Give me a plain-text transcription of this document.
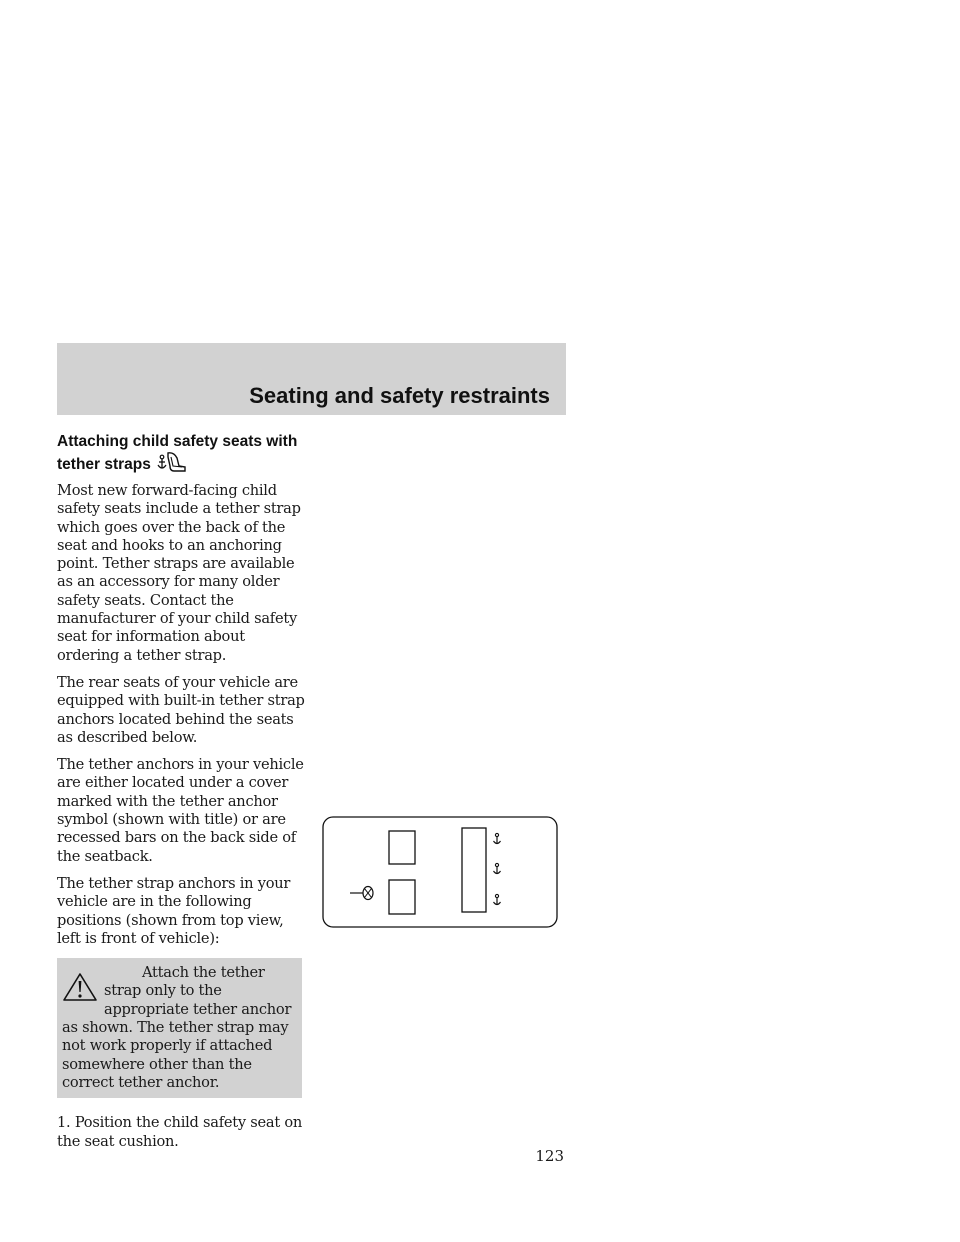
Seating and safety restraints
Attaching child safety seats with
tether straps

Most new forward-facing child safety seats include a tether strap which goes over the back of the seat and hooks to an anchoring point. Tether straps are available as an accessory for many older safety seats. Contact the manufacturer of your child safety seat for information about ordering a tether strap.

The rear seats of your vehicle are equipped with built-in tether strap anchors located behind the seats as described below.

The tether anchors in your vehicle are either located under a cover marked with the tether anchor symbol (shown with title) or are recessed bars on the back side of the seatback.

The tether strap anchors in your vehicle are in the following positions (shown from top view, left is front of vehicle):

Attach the tether strap only to the appropriate tether anchor as shown. The tether strap may not work properly if attached somewhere other than the correct tether anchor.

1. Position the child safety seat on the seat cushion.

123
